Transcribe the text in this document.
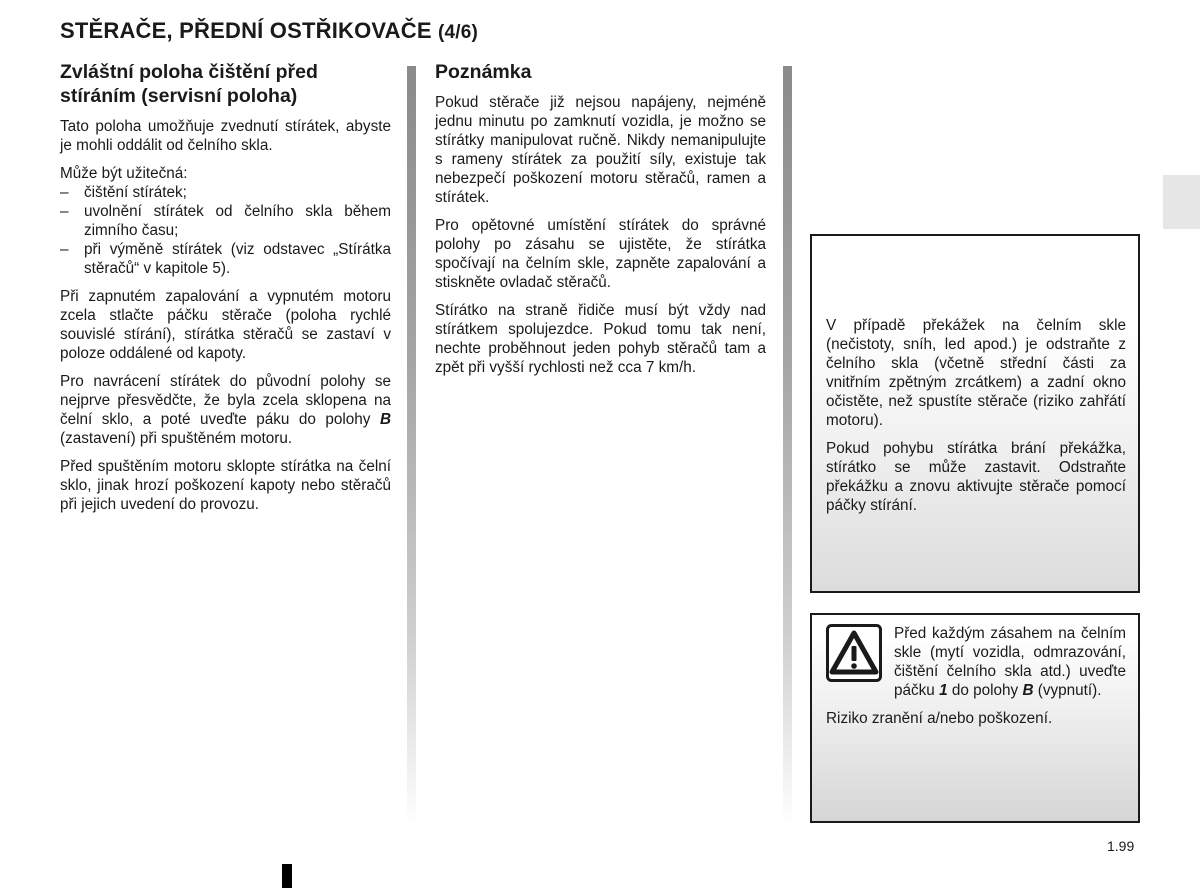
STĚRAČE, PŘEDNÍ OSTŘIKOVAČE (4/6)
Zvláštní poloha čištění před stíráním (servisní poloha)

Tato poloha umožňuje zvednutí stírátek, abyste je mohli oddálit od čelního skla.

Může být užitečná:

– čištění stírátek;
– uvolnění stírátek od čelního skla během zimního času;
– při výměně stírátek (viz odstavec „Stírátka stěračů“ v kapitole 5).

Při zapnutém zapalování a vypnutém motoru zcela stlačte páčku stěrače (poloha rychlé souvislé stírání), stírátka stěračů se zastaví v poloze oddálené od kapoty.

Pro navrácení stírátek do původní polohy se nejprve přesvědčte, že byla zcela sklopena na čelní sklo, a poté uveďte páku do polohy B (zastavení) při spuštěném motoru.

Před spuštěním motoru sklopte stírátka na čelní sklo, jinak hrozí poškození kapoty nebo stěračů při jejich uvedení do provozu.

Poznámka

Pokud stěrače již nejsou napájeny, nejméně jednu minutu po zamknutí vozidla, je možno se stírátky manipulovat ručně. Nikdy nemanipulujte s rameny stírátek za použití síly, existuje tak nebezpečí poškození motoru stěračů, ramen a stírátek.

Pro opětovné umístění stírátek do správné polohy po zásahu se ujistěte, že stírátka spočívají na čelním skle, zapněte zapalování a stiskněte ovladač stěračů.

Stírátko na straně řidiče musí být vždy nad stírátkem spolujezdce. Pokud tomu tak není, nechte proběhnout jeden pohyb stěračů tam a zpět při vyšší rychlosti než cca 7 km/h.

V případě překážek na čelním skle (nečistoty, sníh, led apod.) je odstraňte z čelního skla (včetně střední části za vnitřním zpětným zrcátkem) a zadní okno očistěte, než spustíte stěrače (riziko zahřátí motoru).

Pokud pohybu stírátka brání překážka, stírátko se může zastavit. Odstraňte překážku a znovu aktivujte stěrače pomocí páčky stírání.

Před každým zásahem na čelním skle (mytí vozidla, odmrazování, čištění čelního skla atd.) uveďte páčku 1 do polohy B (vypnutí).

Riziko zranění a/nebo poškození.

1.99
